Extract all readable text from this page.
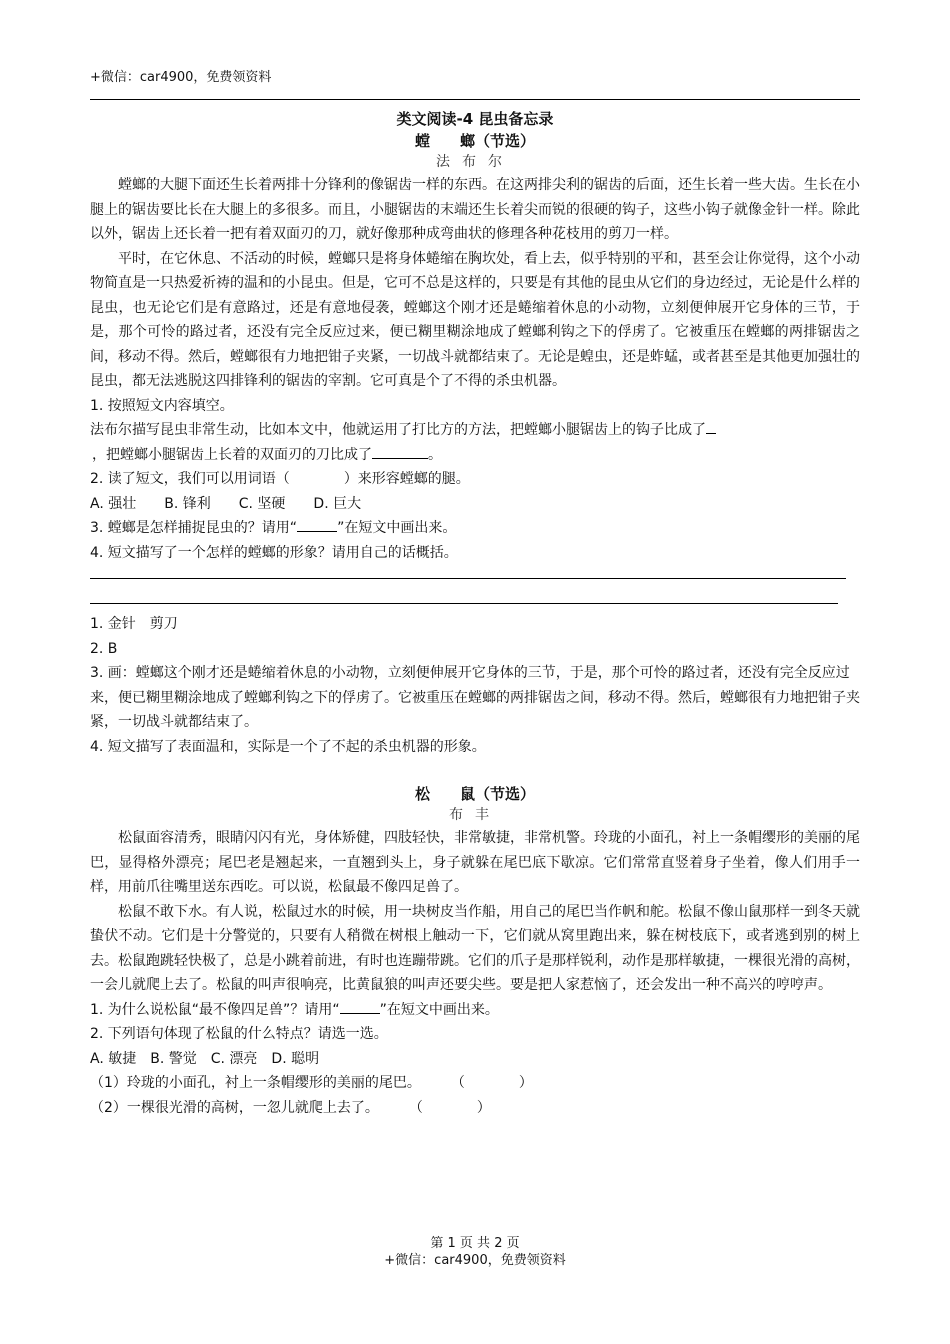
+微信：car4900，免费领资料
类文阅读-4 昆虫备忘录
螳　　螂（节选）
法布尔

螳螂的大腿下面还生长着两排十分锋利的像锯齿一样的东西。在这两排尖利的锯齿的后面，还生长着一些大齿。生长在小腿上的锯齿要比长在大腿上的多很多。而且，小腿锯齿的末端还生长着尖而锐的很硬的钩子，这些小钩子就像金针一样。除此以外，锯齿上还长着一把有着双面刃的刀，就好像那种成弯曲状的修理各种花枝用的剪刀一样。

平时，在它休息、不活动的时候，螳螂只是将身体蜷缩在胸坎处，看上去，似乎特别的平和，甚至会让你觉得，这个小动物简直是一只热爱祈祷的温和的小昆虫。但是，它可不总是这样的，只要是有其他的昆虫从它们的身边经过，无论是什么样的昆虫，也无论它们是有意路过，还是有意地侵袭，螳螂这个刚才还是蜷缩着休息的小动物，立刻便伸展开它身体的三节，于是，那个可怜的路过者，还没有完全反应过来，便已糊里糊涂地成了螳螂利钩之下的俘虏了。它被重压在螳螂的两排锯齿之间，移动不得。然后，螳螂很有力地把钳子夹紧，一切战斗就都结束了。无论是蝗虫，还是蚱蜢，或者甚至是其他更加强壮的昆虫，都无法逃脱这四排锋利的锯齿的宰割。它可真是个了不得的杀虫机器。

1. 按照短文内容填空。

法布尔描写昆虫非常生动，比如本文中，他就运用了打比方的方法，把螳螂小腿锯齿上的钩子比成了

，把螳螂小腿锯齿上长着的双面刃的刀比成了	。

2. 读了短文，我们可以用词语（	）来形容螳螂的腿。

A. 强壮　　B. 锋利　　C. 坚硬　　D. 巨大

3. 螳螂是怎样捕捉昆虫的？请用“	”在短文中画出来。

4. 短文描写了一个怎样的螳螂的形象？请用自己的话概括。

1. 金针　剪刀

2. B

3. 画：螳螂这个刚才还是蜷缩着休息的小动物，立刻便伸展开它身体的三节，于是，那个可怜的路过者，还没有完全反应过来，便已糊里糊涂地成了螳螂利钩之下的俘虏了。它被重压在螳螂的两排锯齿之间，移动不得。然后，螳螂很有力地把钳子夹紧，一切战斗就都结束了。

4. 短文描写了表面温和，实际是一个了不起的杀虫机器的形象。

松　　鼠（节选）
布丰

松鼠面容清秀，眼睛闪闪有光，身体矫健，四肢轻快，非常敏捷，非常机警。玲珑的小面孔，衬上一条帽缨形的美丽的尾巴，显得格外漂亮；尾巴老是翘起来，一直翘到头上，身子就躲在尾巴底下歇凉。它们常常直竖着身子坐着，像人们用手一样，用前爪往嘴里送东西吃。可以说，松鼠最不像四足兽了。

松鼠不敢下水。有人说，松鼠过水的时候，用一块树皮当作船，用自己的尾巴当作帆和舵。松鼠不像山鼠那样一到冬天就蛰伏不动。它们是十分警觉的，只要有人稍微在树根上触动一下，它们就从窝里跑出来，躲在树枝底下，或者逃到别的树上去。松鼠跑跳轻快极了，总是小跳着前进，有时也连蹦带跳。它们的爪子是那样锐利，动作是那样敏捷，一棵很光滑的高树，一会儿就爬上去了。松鼠的叫声很响亮，比黄鼠狼的叫声还要尖些。要是把人家惹恼了，还会发出一种不高兴的哼哼声。

1. 为什么说松鼠“最不像四足兽”？请用“	”在短文中画出来。

2. 下列语句体现了松鼠的什么特点？请选一选。

A. 敏捷　B. 警觉　C. 漂亮　D. 聪明

（1）玲珑的小面孔，衬上一条帽缨形的美丽的尾巴。 （	）

（2）一棵很光滑的高树，一忽儿就爬上去了。 （	）

第 1 页 共 2 页
+微信：car4900，免费领资料
